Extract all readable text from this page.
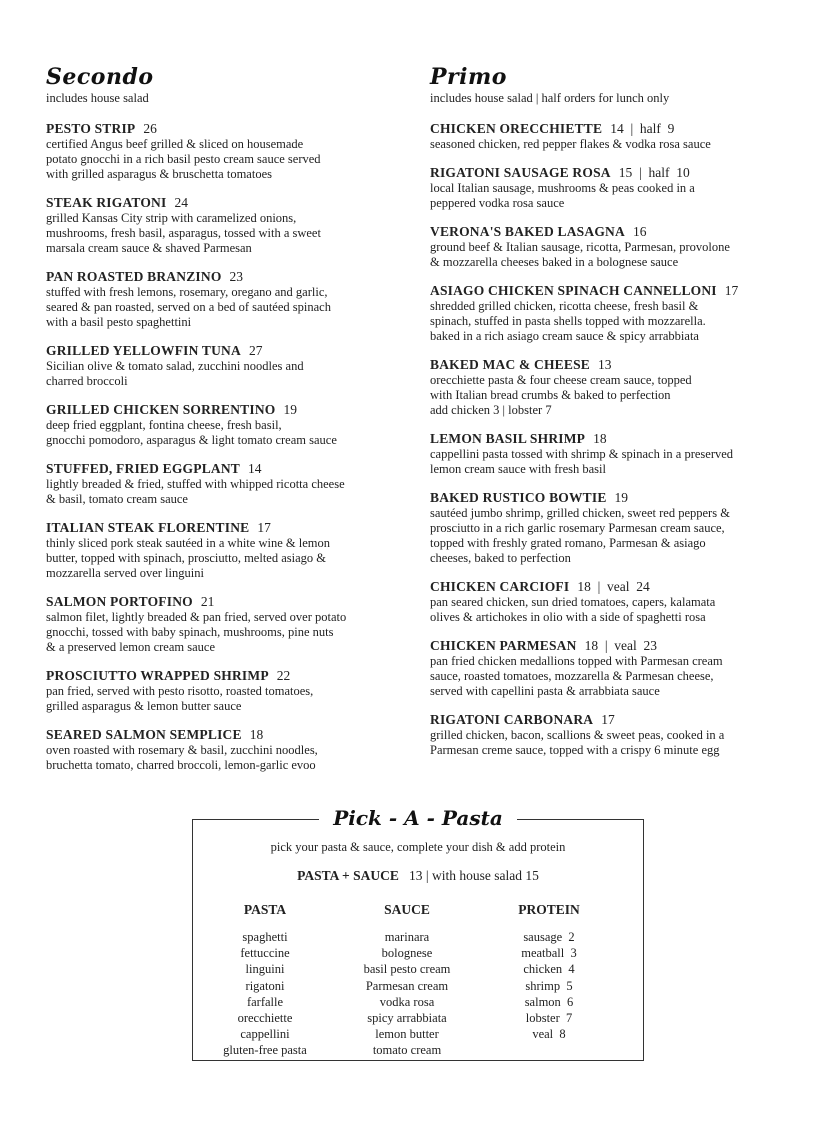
Secondo
includes house salad
PESTO STRIP 26
certified Angus beef grilled & sliced on housemade
potato gnocchi in a rich basil pesto cream sauce served
with grilled asparagus & bruschetta tomatoes
STEAK RIGATONI 24
grilled Kansas City strip with caramelized onions,
mushrooms, fresh basil, asparagus, tossed with a sweet
marsala cream sauce & shaved Parmesan
PAN ROASTED BRANZINO 23
stuffed with fresh lemons, rosemary, oregano and garlic,
seared & pan roasted, served on a bed of sautéed spinach
with a basil pesto spaghettini
GRILLED YELLOWFIN TUNA 27
Sicilian olive & tomato salad, zucchini noodles and
charred broccoli
GRILLED CHICKEN SORRENTINO 19
deep fried eggplant, fontina cheese, fresh basil,
gnocchi pomodoro, asparagus & light tomato cream sauce
STUFFED, FRIED EGGPLANT 14
lightly breaded & fried, stuffed with whipped ricotta cheese
& basil, tomato cream sauce
ITALIAN STEAK FLORENTINE 17
thinly sliced pork steak sautéed in a white wine & lemon
butter, topped with spinach, prosciutto, melted asiago &
mozzarella served over linguini
SALMON PORTOFINO 21
salmon filet, lightly breaded & pan fried, served over potato
gnocchi, tossed with baby spinach, mushrooms, pine nuts
& a preserved lemon cream sauce
PROSCIUTTO WRAPPED SHRIMP 22
pan fried, served with pesto risotto, roasted tomatoes,
grilled asparagus & lemon butter sauce
SEARED SALMON SEMPLICE 18
oven roasted with rosemary & basil, zucchini noodles,
bruchetta tomato, charred broccoli, lemon-garlic evoo
Primo
includes house salad | half orders for lunch only
CHICKEN ORECCHIETTE 14  |  half  9
seasoned chicken, red pepper flakes & vodka rosa sauce
RIGATONI SAUSAGE ROSA 15  |  half  10
local Italian sausage, mushrooms & peas cooked in a
peppered vodka rosa sauce
VERONA'S BAKED LASAGNA 16
ground beef & Italian sausage, ricotta, Parmesan, provolone
& mozzarella cheeses baked in a bolognese sauce
ASIAGO CHICKEN SPINACH CANNELLONI 17
shredded grilled chicken, ricotta cheese, fresh basil &
spinach, stuffed in pasta shells topped with mozzarella.
baked in a rich asiago cream sauce & spicy arrabbiata
BAKED MAC & CHEESE 13
orecchiette pasta & four cheese cream sauce, topped
with Italian bread crumbs & baked to perfection
add chicken 3 | lobster 7
LEMON BASIL SHRIMP 18
cappellini pasta tossed with shrimp & spinach in a preserved
lemon cream sauce with fresh basil
BAKED RUSTICO BOWTIE 19
sautéed jumbo shrimp, grilled chicken, sweet red peppers &
prosciutto in a rich garlic rosemary Parmesan cream sauce,
topped with freshly grated romano, Parmesan & asiago
cheeses, baked to perfection
CHICKEN CARCIOFI 18  |  veal  24
pan seared chicken, sun dried tomatoes, capers, kalamata
olives & artichokes in olio with a side of spaghetti rosa
CHICKEN PARMESAN 18  |  veal  23
pan fried chicken medallions topped with Parmesan cream
sauce, roasted tomatoes, mozzarella & Parmesan cheese,
served with capellini pasta & arrabbiata sauce
RIGATONI CARBONARA 17
grilled chicken, bacon, scallions & sweet peas, cooked in a
Parmesan creme sauce, topped with a crispy 6 minute egg
Pick - A - Pasta
pick your pasta & sauce, complete your dish & add protein
PASTA + SAUCE 13 | with house salad 15
PASTA
spaghetti
fettuccine
linguini
rigatoni
farfalle
orecchiette
cappellini
gluten-free pasta
SAUCE
marinara
bolognese
basil pesto cream
Parmesan cream
vodka rosa
spicy arrabbiata
lemon butter
tomato cream
PROTEIN
sausage  2
meatball  3
chicken  4
shrimp  5
salmon  6
lobster  7
veal  8
